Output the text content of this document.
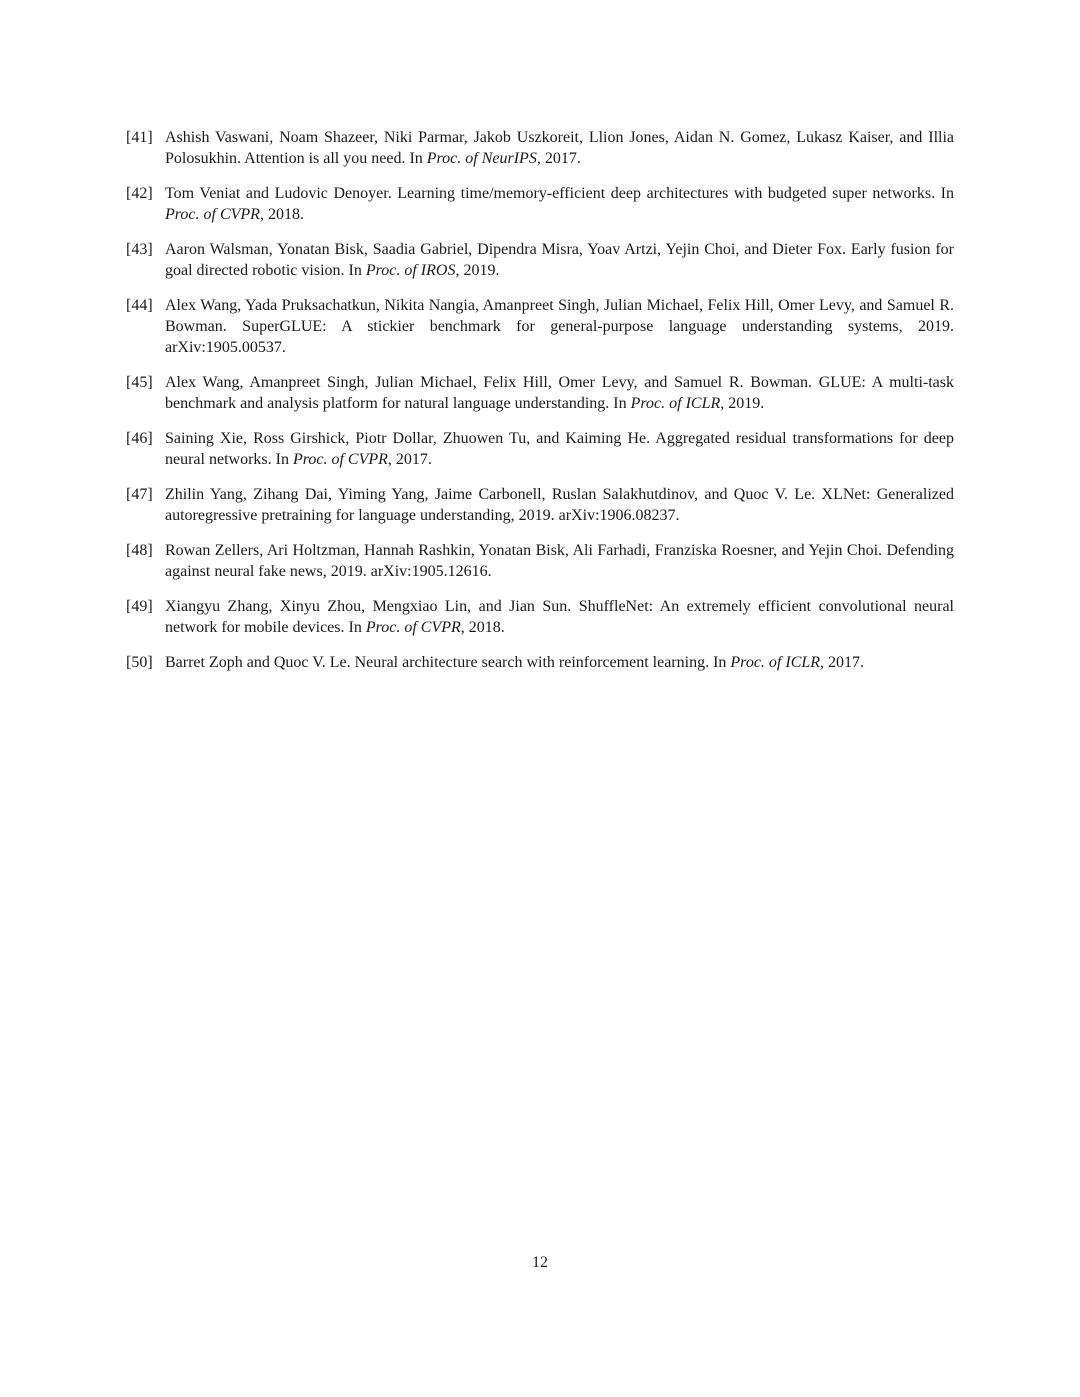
[41] Ashish Vaswani, Noam Shazeer, Niki Parmar, Jakob Uszkoreit, Llion Jones, Aidan N. Gomez, Lukasz Kaiser, and Illia Polosukhin. Attention is all you need. In Proc. of NeurIPS, 2017.
[42] Tom Veniat and Ludovic Denoyer. Learning time/memory-efficient deep architectures with budgeted super networks. In Proc. of CVPR, 2018.
[43] Aaron Walsman, Yonatan Bisk, Saadia Gabriel, Dipendra Misra, Yoav Artzi, Yejin Choi, and Dieter Fox. Early fusion for goal directed robotic vision. In Proc. of IROS, 2019.
[44] Alex Wang, Yada Pruksachatkun, Nikita Nangia, Amanpreet Singh, Julian Michael, Felix Hill, Omer Levy, and Samuel R. Bowman. SuperGLUE: A stickier benchmark for general-purpose language understanding systems, 2019. arXiv:1905.00537.
[45] Alex Wang, Amanpreet Singh, Julian Michael, Felix Hill, Omer Levy, and Samuel R. Bowman. GLUE: A multi-task benchmark and analysis platform for natural language understanding. In Proc. of ICLR, 2019.
[46] Saining Xie, Ross Girshick, Piotr Dollar, Zhuowen Tu, and Kaiming He. Aggregated residual transformations for deep neural networks. In Proc. of CVPR, 2017.
[47] Zhilin Yang, Zihang Dai, Yiming Yang, Jaime Carbonell, Ruslan Salakhutdinov, and Quoc V. Le. XLNet: Generalized autoregressive pretraining for language understanding, 2019. arXiv:1906.08237.
[48] Rowan Zellers, Ari Holtzman, Hannah Rashkin, Yonatan Bisk, Ali Farhadi, Franziska Roesner, and Yejin Choi. Defending against neural fake news, 2019. arXiv:1905.12616.
[49] Xiangyu Zhang, Xinyu Zhou, Mengxiao Lin, and Jian Sun. ShuffleNet: An extremely efficient convolutional neural network for mobile devices. In Proc. of CVPR, 2018.
[50] Barret Zoph and Quoc V. Le. Neural architecture search with reinforcement learning. In Proc. of ICLR, 2017.
12
